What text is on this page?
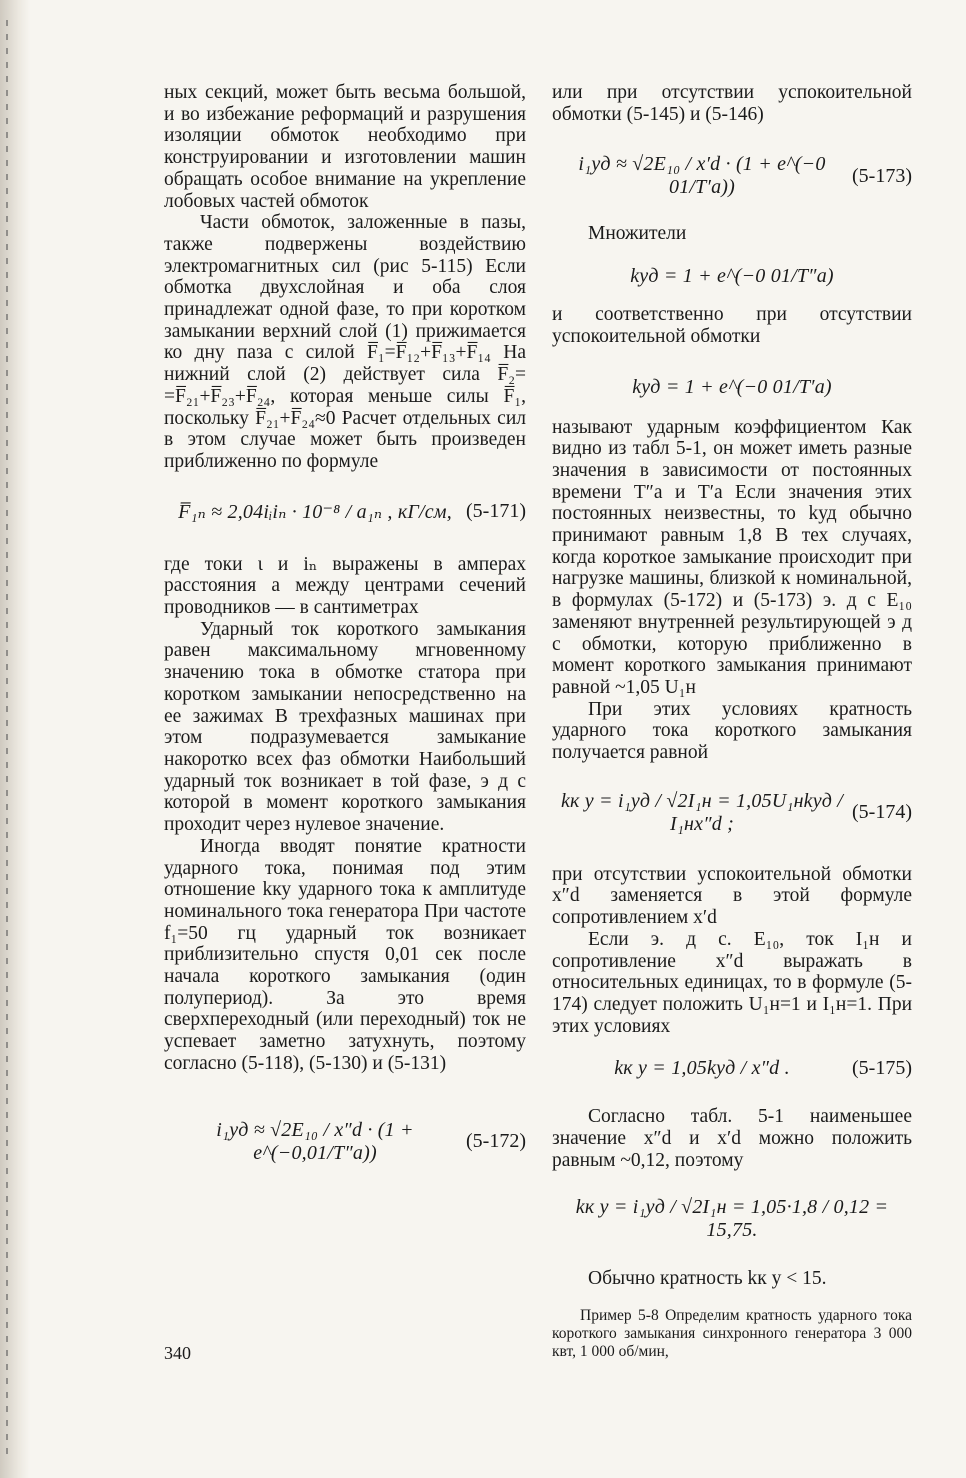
ных секций, может быть весьма большой, и во избежание реформаций и разрушения изоляции обмоток необходимо при конструировании и изготовлении машин обращать особое внимание на укрепление лобовых частей обмоток

Части обмоток, заложенные в пазы, также подвержены воздействию электромагнитных сил (рис 5-115) Если обмотка двухслойная и оба слоя принадлежат одной фазе, то при коротком замыкании верхний слой (1) прижимается ко дну паза с силой F̅₁=F̅₁₂+F̅₁₃+F̅₁₄ На нижний слой (2) действует сила F̅₂= =F̅₂₁+F̅₂₃+F̅₂₄, которая меньше силы F̅₁, поскольку F̅₂₁+F̅₂₄≈0 Расчет отдельных сил в этом случае может быть произведен приближенно по формуле

F̅₁ₙ ≈ 2,04iᵢiₙ · 10⁻⁸ / a₁ₙ , кГ/см, (5-171)

где токи ι и iₙ выражены в амперах расстояния a между центрами сечений проводников — в сантиметрах

Ударный ток короткого замыкания равен максимальному мгновенному значению тока в обмотке статора при коротком замыкании непосредственно на ее зажимах В трехфазных машинах при этом подразумевается замыкание накоротко всех фаз обмотки Наибольший ударный ток возникает в той фазе, э д с которой в момент короткого замыкания проходит через нулевое значение.

Иногда вводят понятие кратности ударного тока, понимая под этим отношение kку ударного тока к амплитуде номинального тока генератора При частоте f₁=50 гц ударный ток возникает приблизительно спустя 0,01 сек после начала короткого замыкания (один полупериод). За это время сверхпереходный (или переходный) ток не успевает заметно затухнуть, поэтому согласно (5-118), (5-130) и (5-131)

i₁уд ≈ √2E₁₀ / x″d · (1 + e^(−0,01/T″a))
(5-172)

или при отсутствии успокоительной обмотки (5-145) и (5-146)

i₁уд ≈ √2E₁₀ / x′d · (1 + e^(−0 01/T′a))
(5-173)

Множители

kуд = 1 + e^(−0 01/T″a)

и соответственно при отсутствии успокоительной обмотки

kуд = 1 + e^(−0 01/T′a)

называют ударным коэффициентом Как видно из табл 5-1, он может иметь разные значения в зависимости от постоянных времени T″a и T′a Если значения этих постоянных неизвестны, то kуд обычно принимают равным 1,8 В тех случаях, когда короткое замыкание происходит при нагрузке машины, близкой к номинальной, в формулах (5-172) и (5-173) э. д с E₁₀ заменяют внутренней результирующей э д с обмотки, которую приближенно в момент короткого замыкания принимают равной ~1,05 U₁н

При этих условиях кратность ударного тока короткого замыкания получается равной

kк у = i₁уд / √2I₁н = 1,05U₁нkуд / I₁нx″d ;
(5-174)

при отсутствии успокоительной обмотки x″d заменяется в этой формуле сопротивлением x′d

Если э. д с. E₁₀, ток I₁н и сопротивление x″d выражать в относительных единицах, то в формуле (5-174) следует положить U₁н=1 и I₁н=1. При этих условиях

kк у = 1,05kуд / x″d .	(5-175)

Согласно табл. 5-1 наименьшее значение x″d и x′d можно положить равным ~0,12, поэтому

kк у = i₁уд / √2I₁н = 1,05·1,8 / 0,12 = 15,75.

Обычно кратность kк у < 15.

Пример 5-8 Определим кратность ударного тока короткого замыкания синхронного генератора 3 000 квт, 1 000 об/мин,

340
